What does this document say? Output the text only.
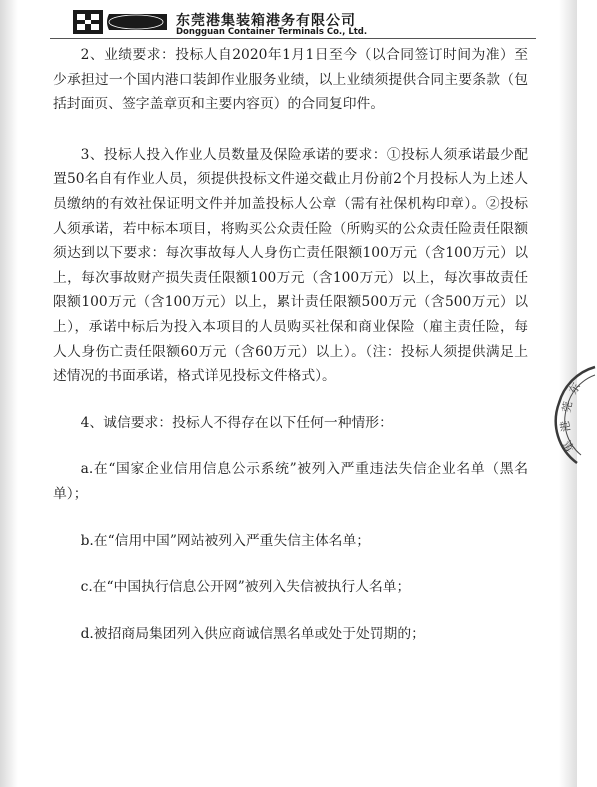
东莞港集装箱港务有限公司
Dongguan Container Terminals Co., Ltd.

2、业绩要求：投标人自2020年1月1日至今（以合同签订时间为准）至少承担过一个国内港口装卸作业服务业绩，以上业绩须提供合同主要条款（包括封面页、签字盖章页和主要内容页）的合同复印件。

3、投标人投入作业人员数量及保险承诺的要求：①投标人须承诺最少配置50名自有作业人员，须提供投标文件递交截止月份前2个月投标人为上述人员缴纳的有效社保证明文件并加盖投标人公章（需有社保机构印章）。②投标人须承诺，若中标本项目，将购买公众责任险（所购买的公众责任险责任限额须达到以下要求：每次事故每人人身伤亡责任限额100万元（含100万元）以上，每次事故财产损失责任限额100万元（含100万元）以上，每次事故责任限额100万元（含100万元）以上，累计责任限额500万元（含500万元）以上），承诺中标后为投入本项目的人员购买社保和商业保险（雇主责任险，每人人身伤亡责任限额60万元（含60万元）以上）。（注：投标人须提供满足上述情况的书面承诺，格式详见投标文件格式）。

4、诚信要求：投标人不得存在以下任何一种情形：

a.在“国家企业信用信息公示系统”被列入严重违法失信企业名单（黑名单）；

b.在“信用中国”网站被列入严重失信主体名单；

c.在“中国执行信息公开网”被列入失信被执行人名单；

d.被招商局集团列入供应商诚信黑名单或处于处罚期的；

东
莞
港
集
